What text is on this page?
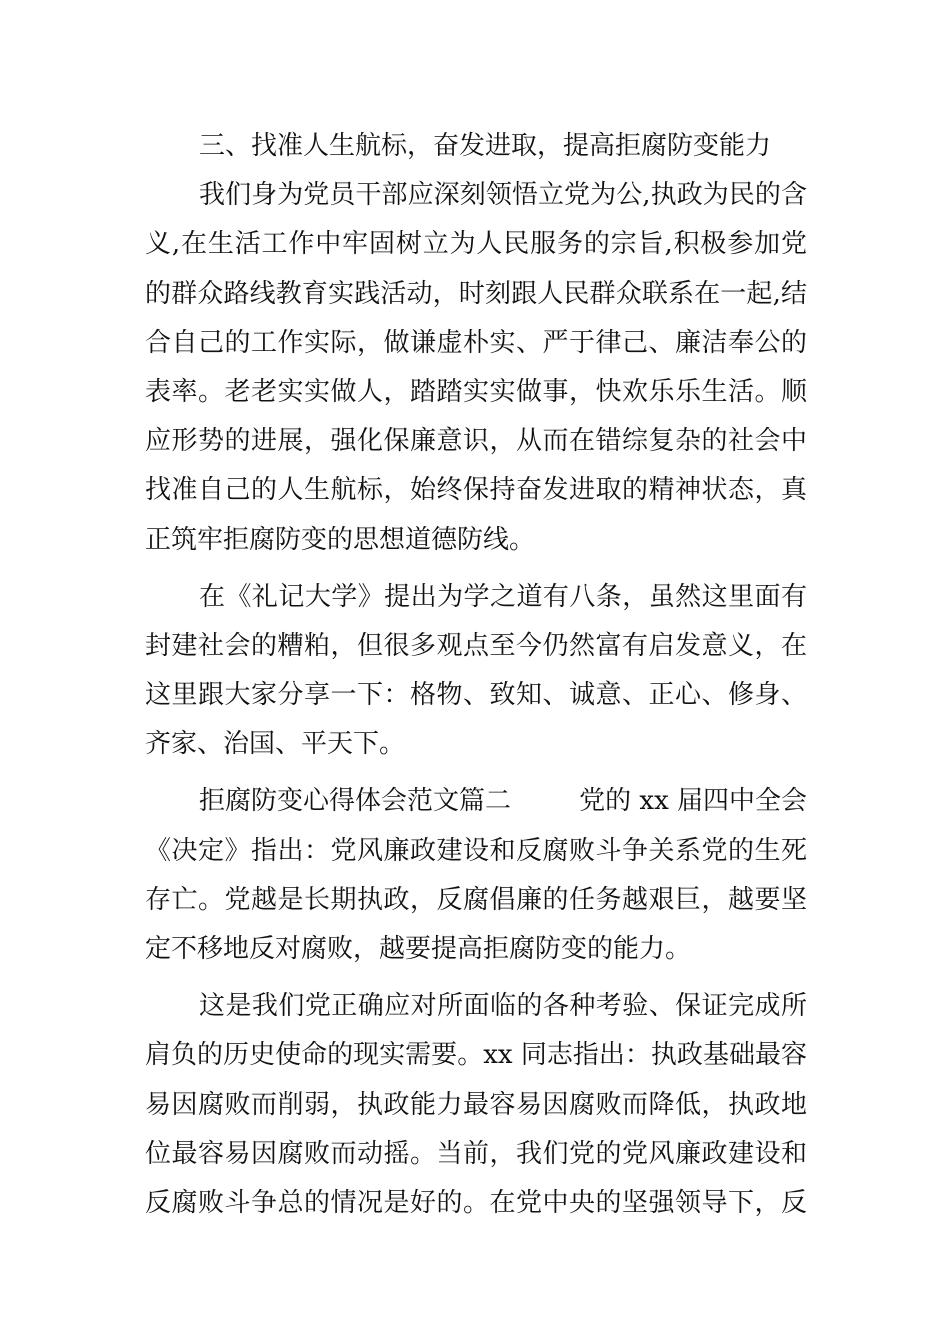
三、找准人生航标，奋发进取，提高拒腐防变能力
我们身为党员干部应深刻领悟立党为公,执政为民的含
义,在生活工作中牢固树立为人民服务的宗旨,积极参加党
的群众路线教育实践活动，时刻跟人民群众联系在一起,结
合自己的工作实际，做谦虚朴实、严于律己、廉洁奉公的
表率。老老实实做人，踏踏实实做事，快欢乐乐生活。顺
应形势的进展，强化保廉意识，从而在错综复杂的社会中
找准自己的人生航标，始终保持奋发进取的精神状态，真
正筑牢拒腐防变的思想道德防线。
在《礼记大学》提出为学之道有八条，虽然这里面有
封建社会的糟粕，但很多观点至今仍然富有启发意义，在
这里跟大家分享一下：格物、致知、诚意、正心、修身、
齐家、治国、平天下。
拒腐防变心得体会范文篇二	党的 xx 届四中全会
《决定》指出：党风廉政建设和反腐败斗争关系党的生死
存亡。党越是长期执政，反腐倡廉的任务越艰巨，越要坚
定不移地反对腐败，越要提高拒腐防变的能力。
这是我们党正确应对所面临的各种考验、保证完成所
肩负的历史使命的现实需要。xx 同志指出：执政基础最容
易因腐败而削弱，执政能力最容易因腐败而降低，执政地
位最容易因腐败而动摇。当前，我们党的党风廉政建设和
反腐败斗争总的情况是好的。在党中央的坚强领导下，反
